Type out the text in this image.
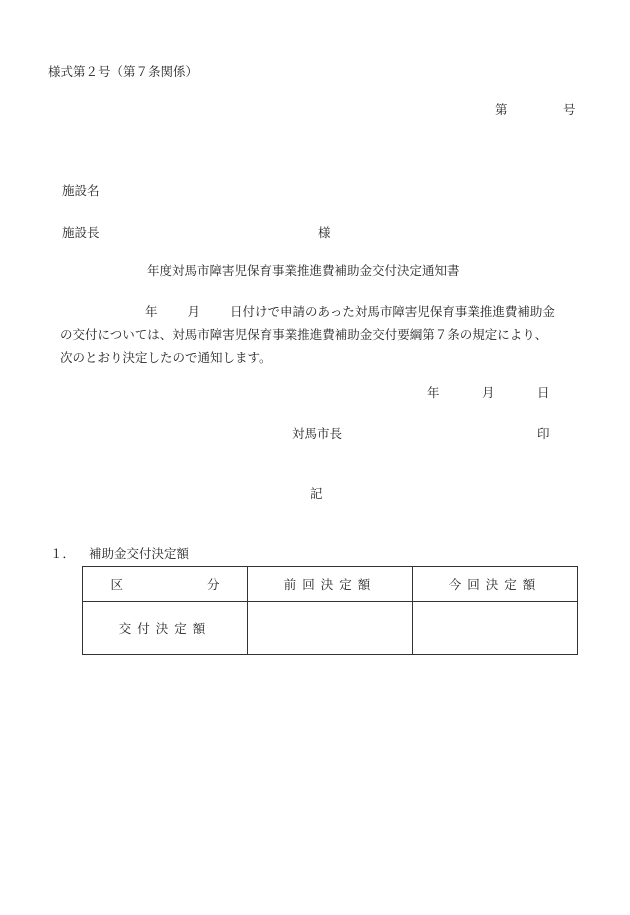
様式第２号（第７条関係）
第	号
施設名
施設長	様
年度対馬市障害児保育事業推進費補助金交付決定通知書
年 月 日付けで申請のあった対馬市障害児保育事業推進費補助金
の交付については、対馬市障害児保育事業推進費補助金交付要綱第７条の規定により、
次のとおり決定したので通知します。
年	月	日
対馬市長	印
記
１． 補助金交付決定額
区 分	前回決定額	今回決定額
交付決定額		
